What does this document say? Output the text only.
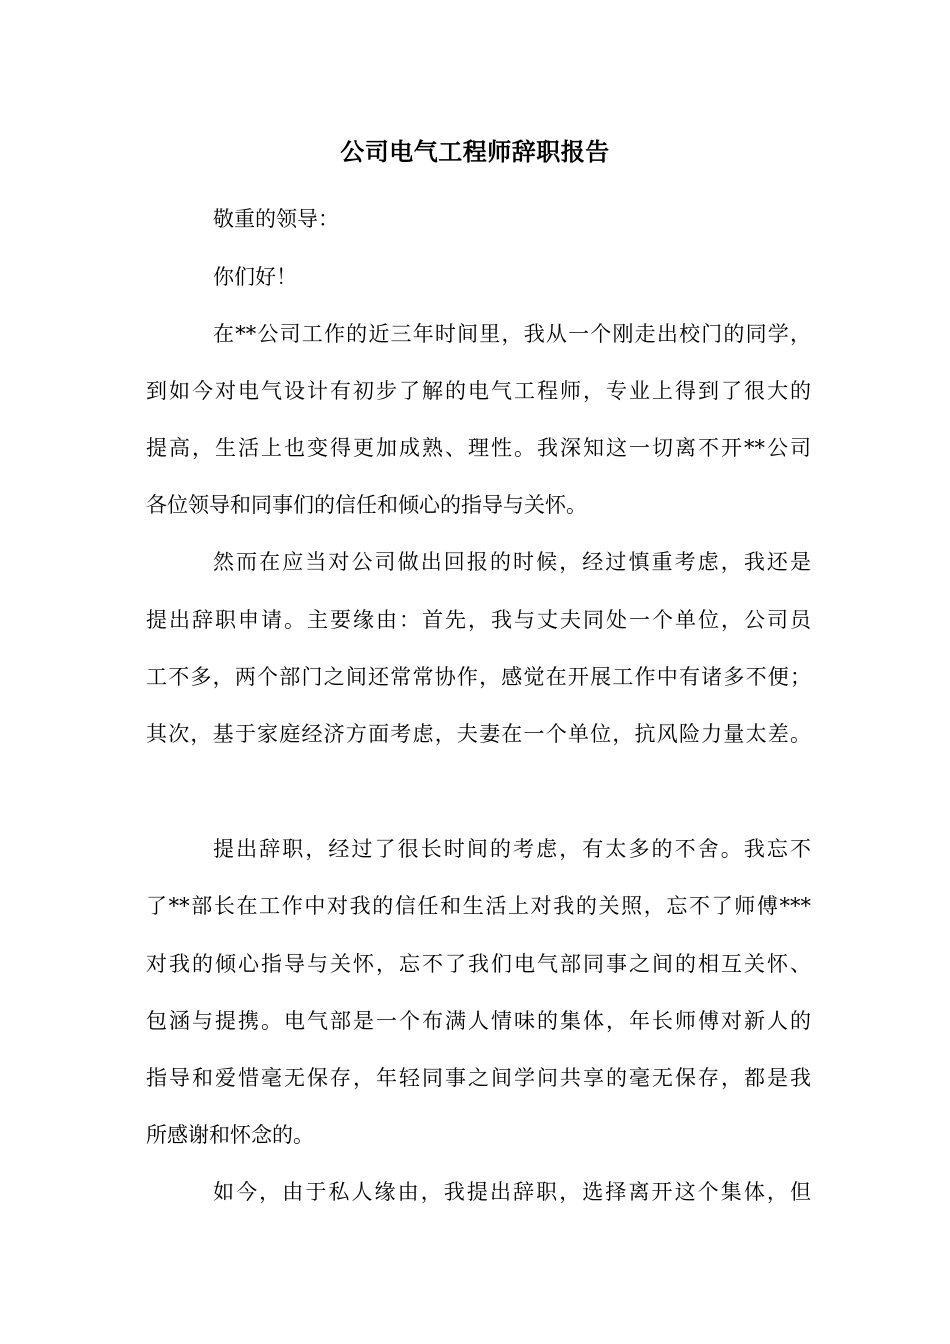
公司电气工程师辞职报告
敬重的领导：
你们好！
在**公司工作的近三年时间里，我从一个刚走出校门的同学，
到如今对电气设计有初步了解的电气工程师，专业上得到了很大的
提高，生活上也变得更加成熟、理性。我深知这一切离不开**公司
各位领导和同事们的信任和倾心的指导与关怀。
然而在应当对公司做出回报的时候，经过慎重考虑，我还是
提出辞职申请。主要缘由：首先，我与丈夫同处一个单位，公司员
工不多，两个部门之间还常常协作，感觉在开展工作中有诸多不便；
其次，基于家庭经济方面考虑，夫妻在一个单位，抗风险力量太差。
提出辞职，经过了很长时间的考虑，有太多的不舍。我忘不
了**部长在工作中对我的信任和生活上对我的关照，忘不了师傅***
对我的倾心指导与关怀，忘不了我们电气部同事之间的相互关怀、
包涵与提携。电气部是一个布满人情味的集体，年长师傅对新人的
指导和爱惜毫无保存，年轻同事之间学问共享的毫无保存，都是我
所感谢和怀念的。
如今，由于私人缘由，我提出辞职，选择离开这个集体，但
